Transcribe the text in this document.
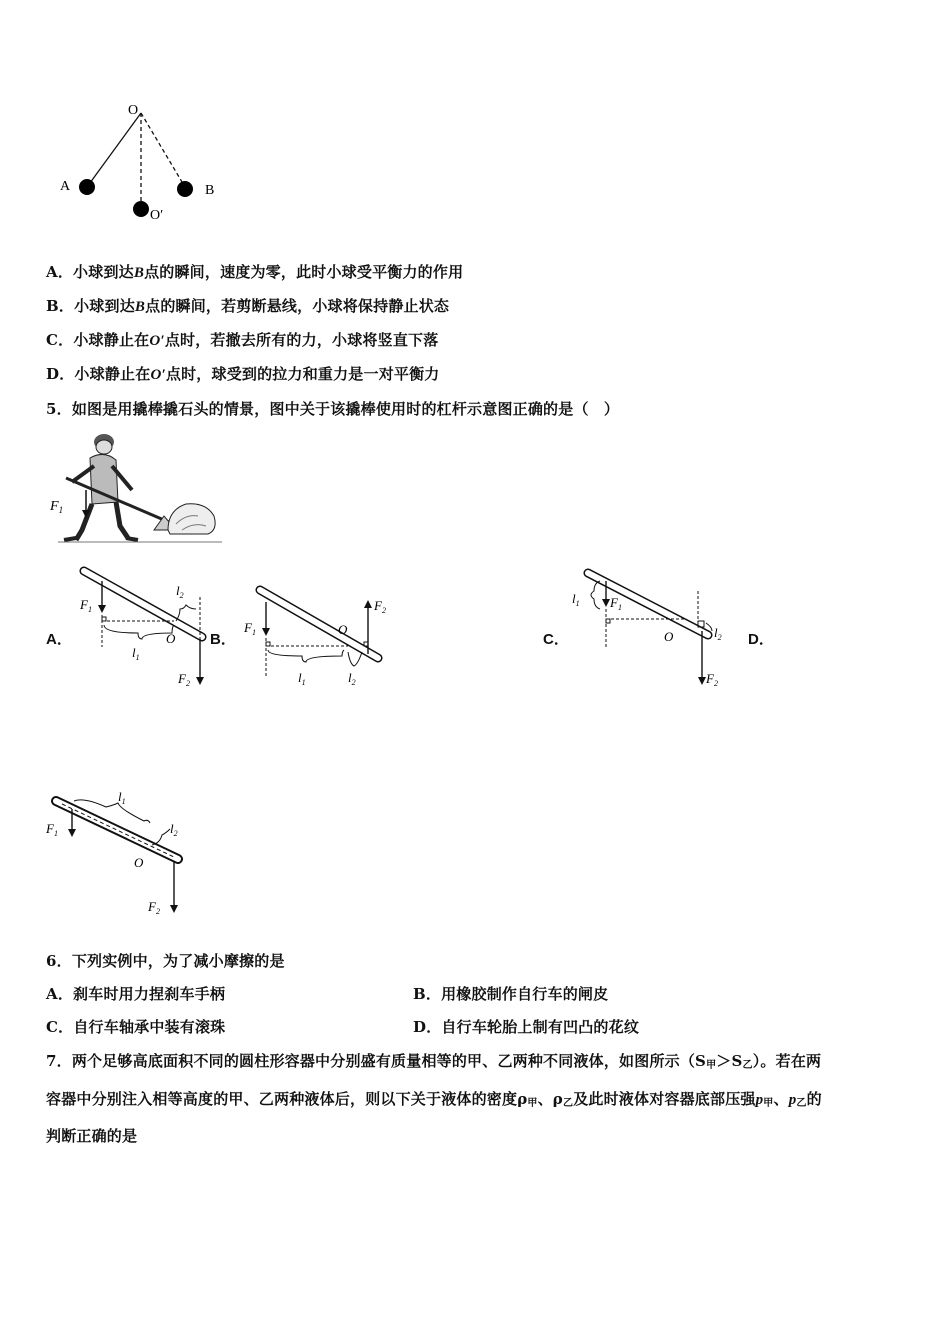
O
A	B
O′
A．小球到达B点的瞬间，速度为零，此时小球受平衡力的作用
B．小球到达B点的瞬间，若剪断悬线，小球将保持静止状态
C．小球静止在O′点时，若撤去所有的力，小球将竖直下落
D．小球静止在O′点时，球受到的拉力和重力是一对平衡力
5．如图是用撬棒撬石头的情景，图中关于该撬棒使用时的杠杆示意图正确的是（　）
$F_1$
A．	B．	C．	D．
$F_1$
$l_1$
O
$l_2$
$F_2$
$F_1$
$l_1$
O
$F_2$
$l_2$
$l_1$ $F_1$
O	$l_2$
$F_2$
$F_1$
$l_1$
O
$l_2$
$F_2$
6．下列实例中，为了减小摩擦的是
A．刹车时用力捏刹车手柄	B．用橡胶制作自行车的闸皮
C．自行车轴承中装有滚珠	D．自行车轮胎上制有凹凸的花纹
7．两个足够高底面积不同的圆柱形容器中分别盛有质量相等的甲、乙两种不同液体，如图所示$(S_甲>S_乙)$。若在两
容器中分别注入相等高度的甲、乙两种液体后，则以下关于液体的密度$\rho_甲$、$\rho_乙$及此时液体对容器底部压强$p_甲$、$p_乙$的
判断正确的是
